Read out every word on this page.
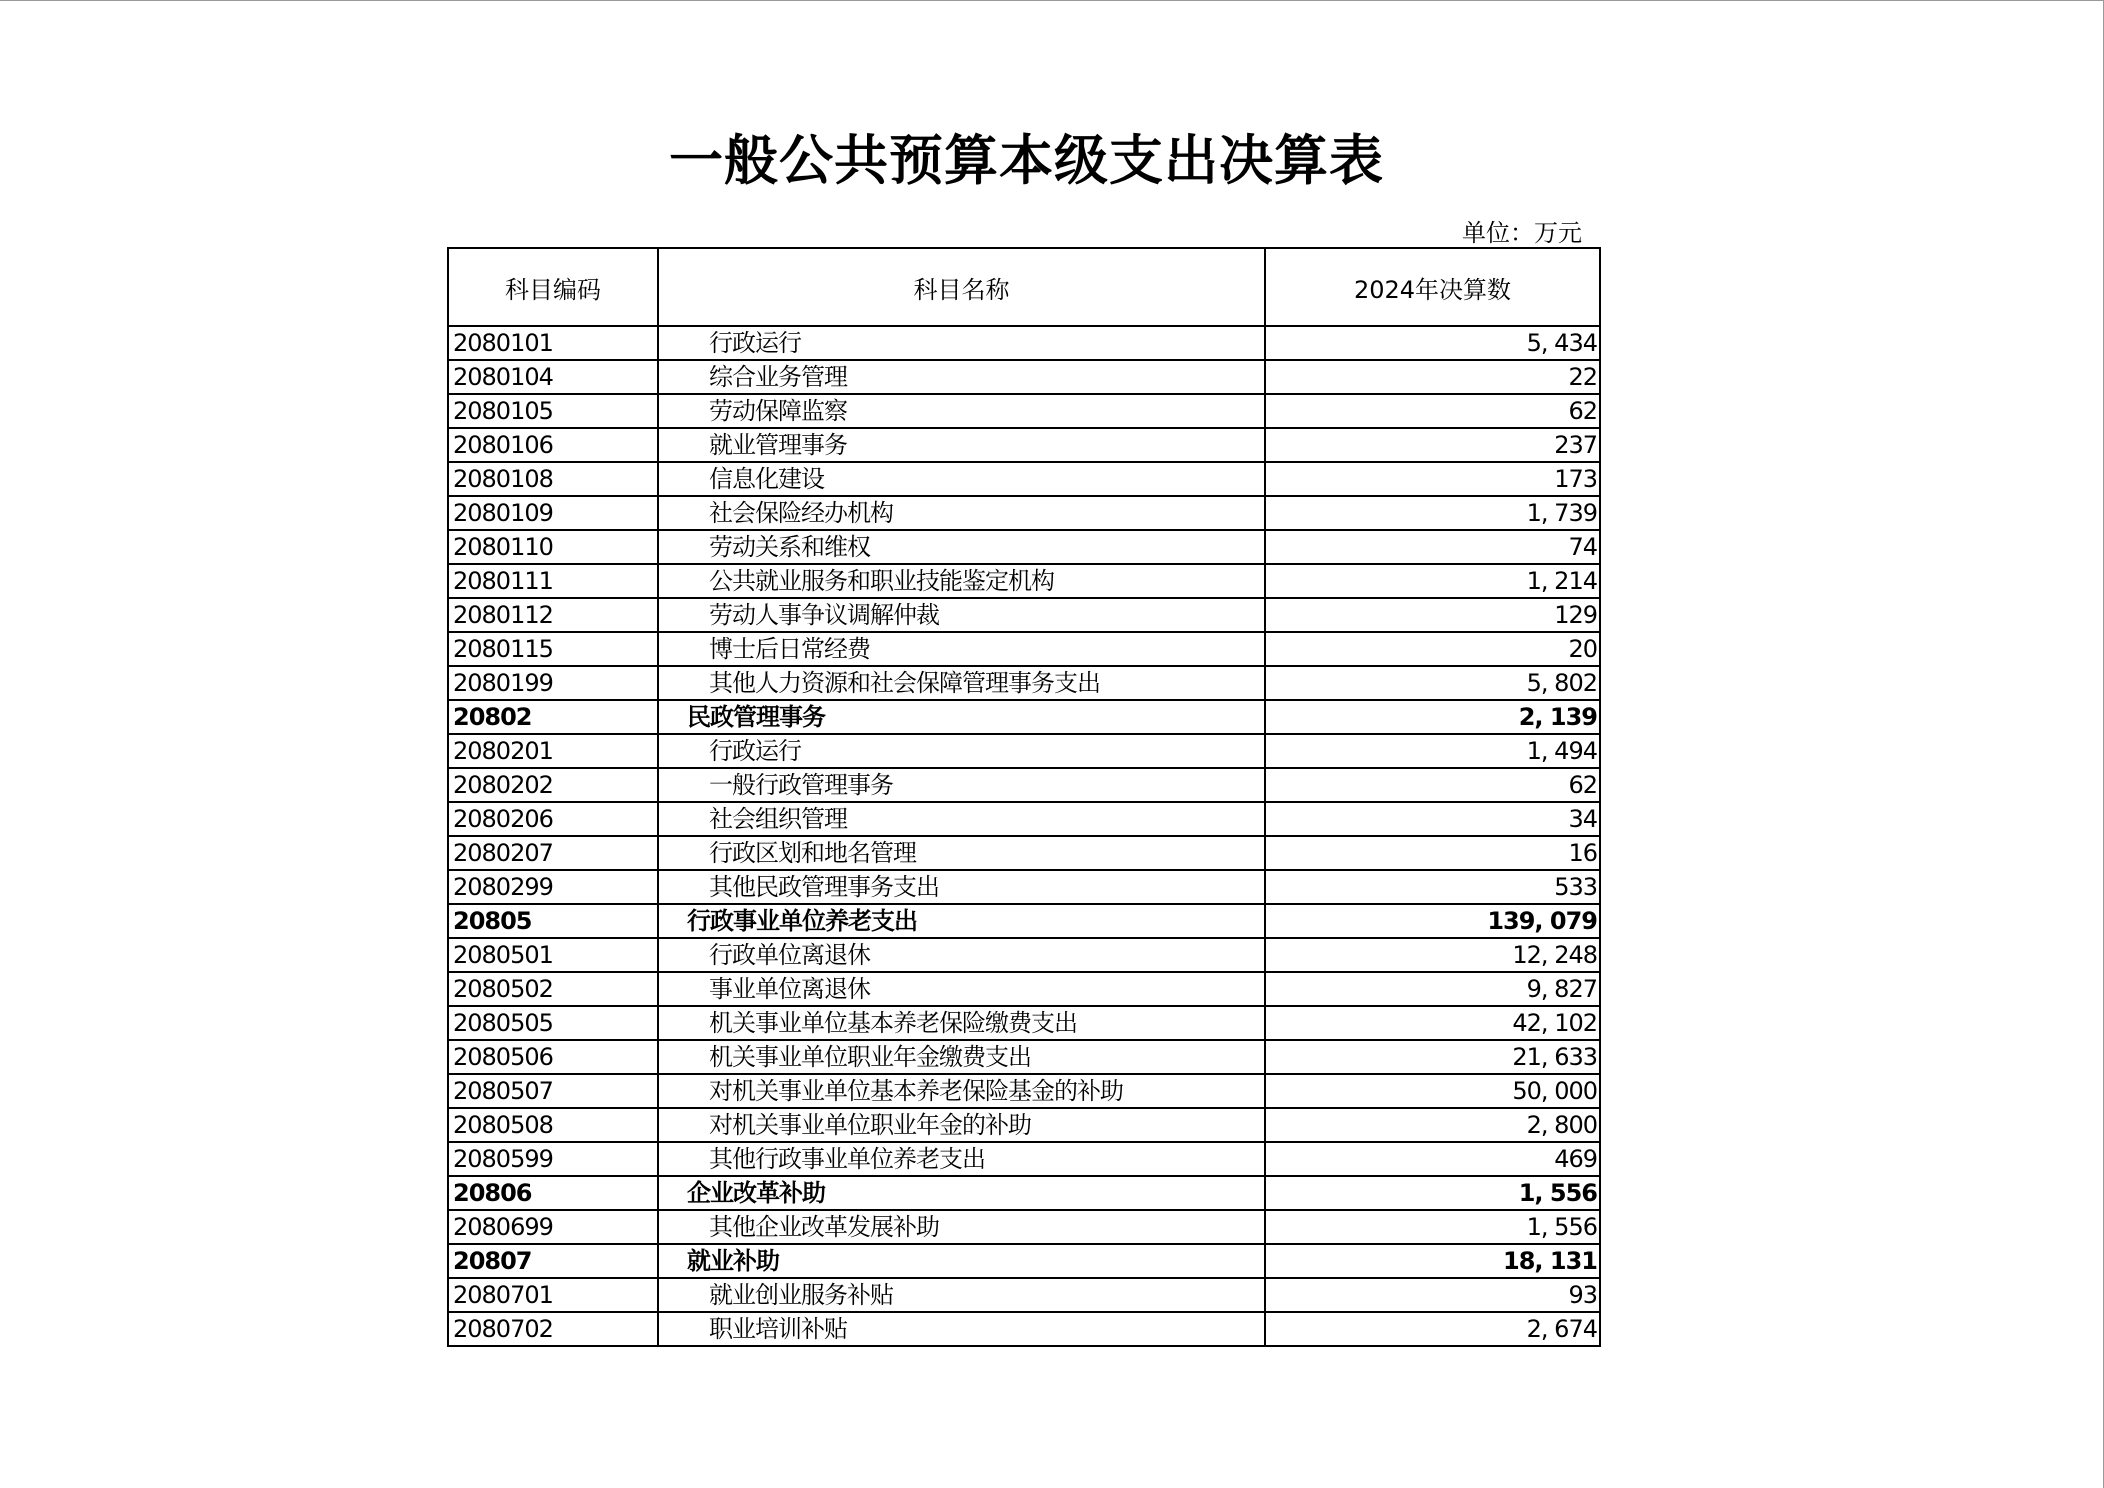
一般公共预算本级支出决算表
单位：万元
科目编码	科目名称	2024年决算数
2080101	行政运行	5, 434
2080104	综合业务管理	22
2080105	劳动保障监察	62
2080106	就业管理事务	237
2080108	信息化建设	173
2080109	社会保险经办机构	1, 739
2080110	劳动关系和维权	74
2080111	公共就业服务和职业技能鉴定机构	1, 214
2080112	劳动人事争议调解仲裁	129
2080115	博士后日常经费	20
2080199	其他人力资源和社会保障管理事务支出	5, 802
20802	民政管理事务	2, 139
2080201	行政运行	1, 494
2080202	一般行政管理事务	62
2080206	社会组织管理	34
2080207	行政区划和地名管理	16
2080299	其他民政管理事务支出	533
20805	行政事业单位养老支出	139, 079
2080501	行政单位离退休	12, 248
2080502	事业单位离退休	9, 827
2080505	机关事业单位基本养老保险缴费支出	42, 102
2080506	机关事业单位职业年金缴费支出	21, 633
2080507	对机关事业单位基本养老保险基金的补助	50, 000
2080508	对机关事业单位职业年金的补助	2, 800
2080599	其他行政事业单位养老支出	469
20806	企业改革补助	1, 556
2080699	其他企业改革发展补助	1, 556
20807	就业补助	18, 131
2080701	就业创业服务补贴	93
2080702	职业培训补贴	2, 674
